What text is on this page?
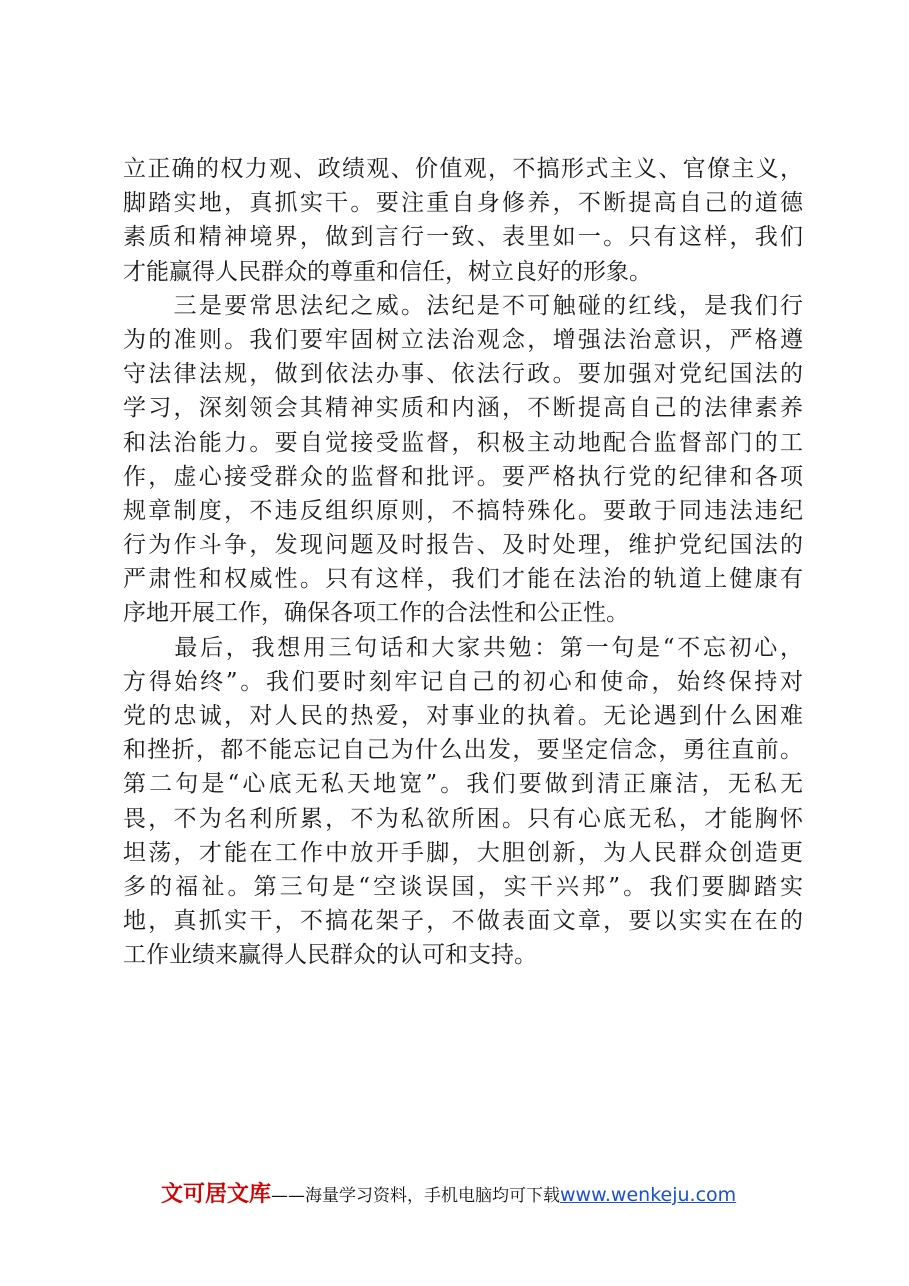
立正确的权力观、政绩观、价值观，不搞形式主义、官僚主义，
脚踏实地，真抓实干。要注重自身修养，不断提高自己的道德
素质和精神境界，做到言行一致、表里如一。只有这样，我们
才能赢得人民群众的尊重和信任，树立良好的形象。
　　三是要常思法纪之威。法纪是不可触碰的红线，是我们行
为的准则。我们要牢固树立法治观念，增强法治意识，严格遵
守法律法规，做到依法办事、依法行政。要加强对党纪国法的
学习，深刻领会其精神实质和内涵，不断提高自己的法律素养
和法治能力。要自觉接受监督，积极主动地配合监督部门的工
作，虚心接受群众的监督和批评。要严格执行党的纪律和各项
规章制度，不违反组织原则，不搞特殊化。要敢于同违法违纪
行为作斗争，发现问题及时报告、及时处理，维护党纪国法的
严肃性和权威性。只有这样，我们才能在法治的轨道上健康有
序地开展工作，确保各项工作的合法性和公正性。
　　最后，我想用三句话和大家共勉：第一句是“不忘初心，
方得始终”。我们要时刻牢记自己的初心和使命，始终保持对
党的忠诚，对人民的热爱，对事业的执着。无论遇到什么困难
和挫折，都不能忘记自己为什么出发，要坚定信念，勇往直前。
第二句是“心底无私天地宽”。我们要做到清正廉洁，无私无
畏，不为名利所累，不为私欲所困。只有心底无私，才能胸怀
坦荡，才能在工作中放开手脚，大胆创新，为人民群众创造更
多的福祉。第三句是“空谈误国，实干兴邦”。我们要脚踏实
地，真抓实干，不搞花架子，不做表面文章，要以实实在在的
工作业绩来赢得人民群众的认可和支持。
文可居文库——海量学习资料，手机电脑均可下载www.wenkeju.com
